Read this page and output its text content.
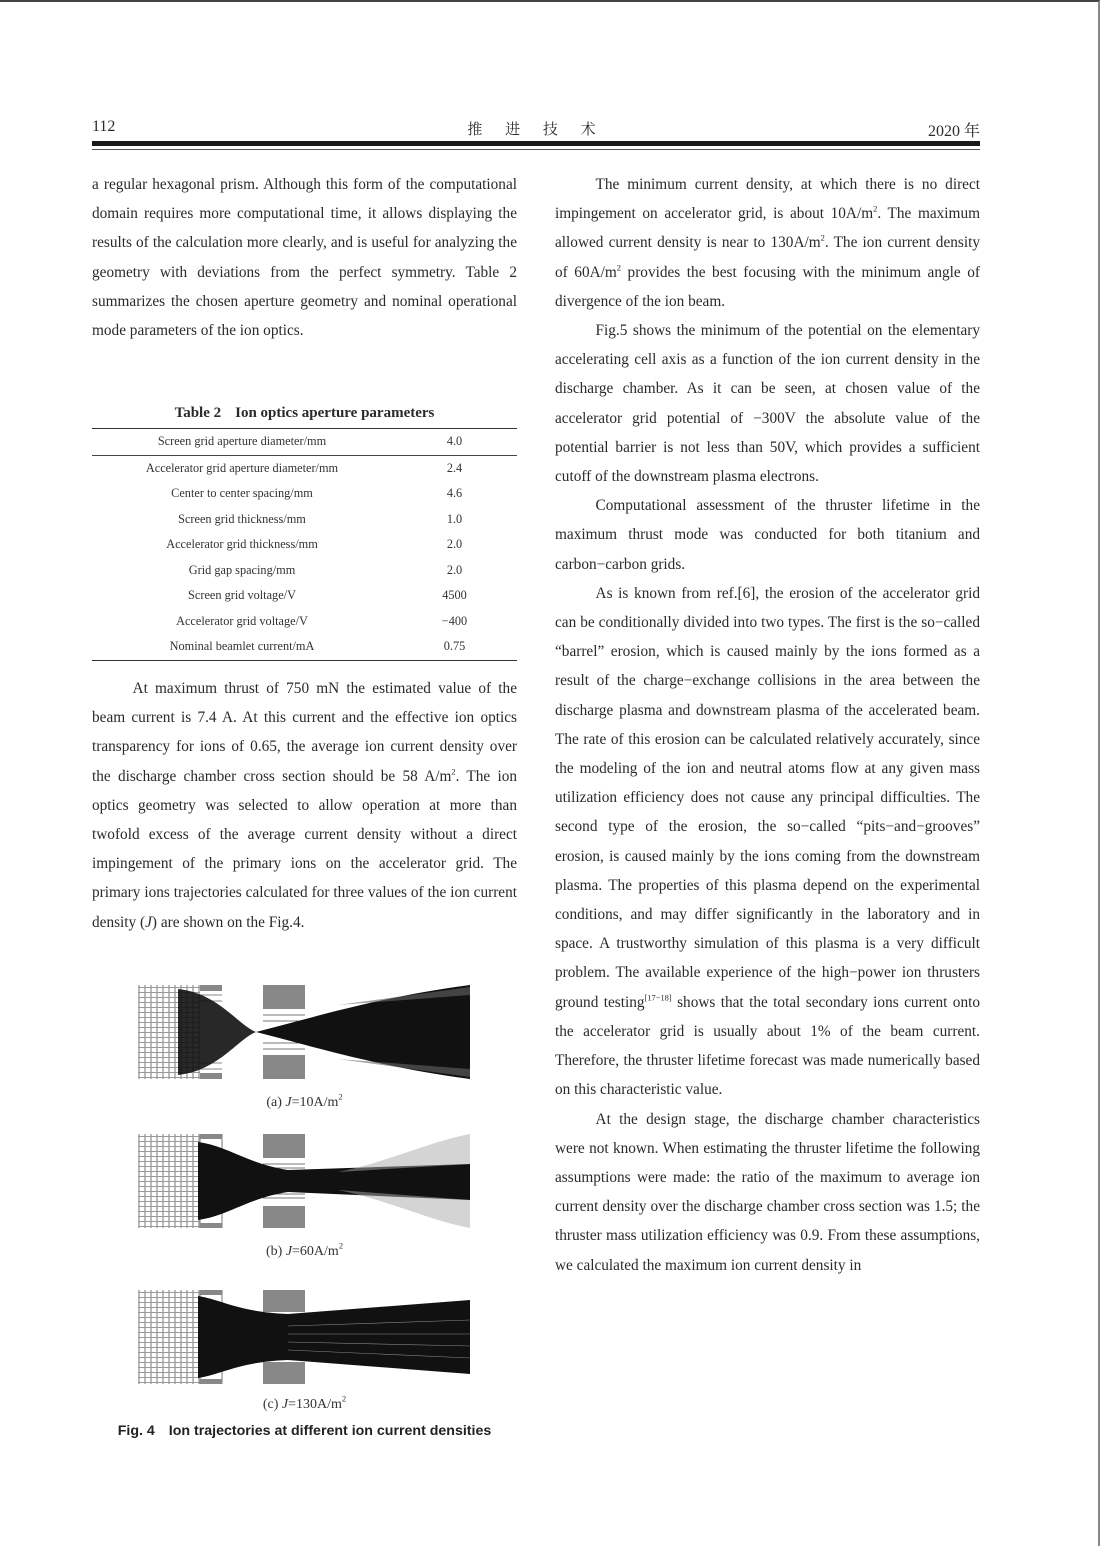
112	推 进 技 术	2020 年

a regular hexagonal prism. Although this form of the computational domain requires more computational time, it allows displaying the results of the calculation more clearly, and is useful for analyzing the geometry with deviations from the perfect symmetry. Table 2 summarizes the chosen aperture geometry and nominal operational mode parameters of the ion optics.

Table 2 Ion optics aperture parameters
Screen grid aperture diameter/mm	4.0
Accelerator grid aperture diameter/mm	2.4
Center to center spacing/mm	4.6
Screen grid thickness/mm	1.0
Accelerator grid thickness/mm	2.0
Grid gap spacing/mm	2.0
Screen grid voltage/V	4500
Accelerator grid voltage/V	−400
Nominal beamlet current/mA	0.75

At maximum thrust of 750 mN the estimated value of the beam current is 7.4 A. At this current and the effective ion optics transparency for ions of 0.65, the average ion current density over the discharge chamber cross section should be 58 $A/m^2$. The ion optics geometry was selected to allow operation at more than twofold excess of the average current density without a direct impingement of the primary ions on the accelerator grid. The primary ions trajectories calculated for three values of the ion current density (J) are shown on the Fig.4.

(a) $J=10A/m^2$
(b) $J=60A/m^2$
(c) $J=130A/m^2$
Fig. 4 Ion trajectories at different ion current densities

The minimum current density, at which there is no direct impingement on accelerator grid, is about $10A/m^2$. The maximum allowed current density is near to $130A/m^2$. The ion current density of $60A/m^2$ provides the best focusing with the minimum angle of divergence of the ion beam.

Fig.5 shows the minimum of the potential on the elementary accelerating cell axis as a function of the ion current density in the discharge chamber. As it can be seen, at chosen value of the accelerator grid potential of −300V the absolute value of the potential barrier is not less than 50V, which provides a sufficient cutoff of the downstream plasma electrons.

Computational assessment of the thruster lifetime in the maximum thrust mode was conducted for both titanium and carbon−carbon grids.

As is known from ref.[6], the erosion of the accelerator grid can be conditionally divided into two types. The first is the so−called “barrel” erosion, which is caused mainly by the ions formed as a result of the charge−exchange collisions in the area between the discharge plasma and downstream plasma of the accelerated beam. The rate of this erosion can be calculated relatively accurately, since the modeling of the ion and neutral atoms flow at any given mass utilization efficiency does not cause any principal difficulties. The second type of the erosion, the so−called “pits−and−grooves” erosion, is caused mainly by the ions coming from the downstream plasma. The properties of this plasma depend on the experimental conditions, and may differ significantly in the laboratory and in space. A trustworthy simulation of this plasma is a very difficult problem. The available experience of the high−power ion thrusters ground testing[17−18] shows that the total secondary ions current onto the accelerator grid is usually about 1% of the beam current. Therefore, the thruster lifetime forecast was made numerically based on this characteristic value.

At the design stage, the discharge chamber characteristics were not known. When estimating the thruster lifetime the following assumptions were made: the ratio of the maximum to average ion current density over the discharge chamber cross section was 1.5; the thruster mass utilization efficiency was 0.9. From these assumptions, we calculated the maximum ion current density in
